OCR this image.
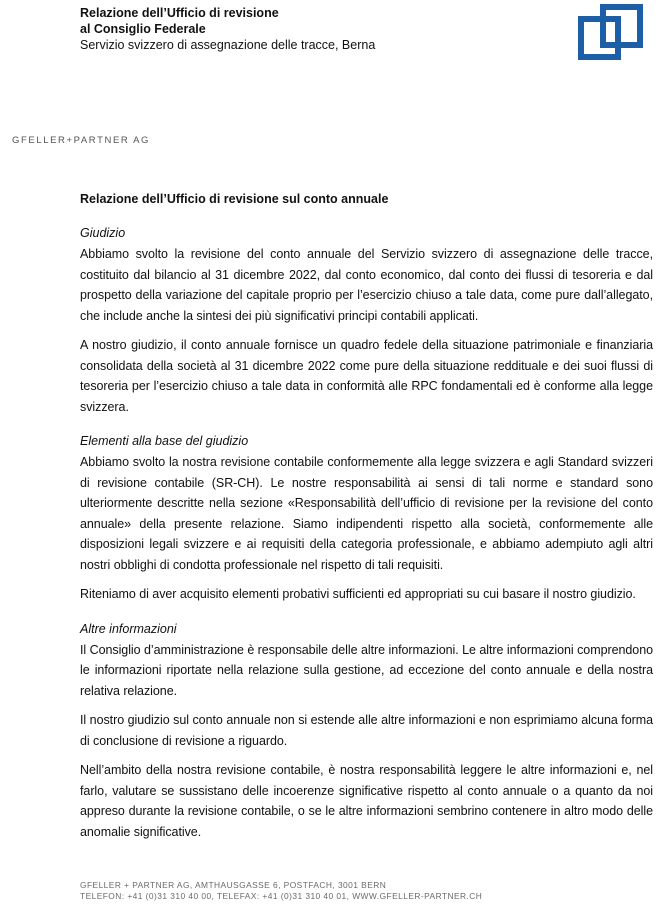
Relazione dell’Ufficio di revisione
al Consiglio Federale
Servizio svizzero di assegnazione delle tracce, Berna
GFELLER+PARTNER AG
Relazione dell’Ufficio di revisione sul conto annuale
Giudizio

Abbiamo svolto la revisione del conto annuale del Servizio svizzero di assegnazione delle tracce, costituito dal bilancio al 31 dicembre 2022, dal conto economico, dal conto dei flussi di tesoreria e dal prospetto della variazione del capitale proprio per l’esercizio chiuso a tale data, come pure dall’allegato, che include anche la sintesi dei più significativi principi contabili applicati.

A nostro giudizio, il conto annuale fornisce un quadro fedele della situazione patrimoniale e finanziaria consolidata della società al 31 dicembre 2022 come pure della situazione reddituale e dei suoi flussi di tesoreria per l’esercizio chiuso a tale data in conformità alle RPC fondamentali ed è conforme alla legge svizzera.

Elementi alla base del giudizio

Abbiamo svolto la nostra revisione contabile conformemente alla legge svizzera e agli Standard svizzeri di revisione contabile (SR-CH). Le nostre responsabilità ai sensi di tali norme e standard sono ulteriormente descritte nella sezione «Responsabilità dell’ufficio di revisione per la revisione del conto annuale» della presente relazione. Siamo indipendenti rispetto alla società, conformemente alle disposizioni legali svizzere e ai requisiti della categoria professionale, e abbiamo adempiuto agli altri nostri obblighi di condotta professionale nel rispetto di tali requisiti.

Riteniamo di aver acquisito elementi probativi sufficienti ed appropriati su cui basare il nostro giudizio.

Altre informazioni

Il Consiglio d’amministrazione è responsabile delle altre informazioni. Le altre informazioni comprendono le informazioni riportate nella relazione sulla gestione, ad eccezione del conto annuale e della nostra relativa relazione.

Il nostro giudizio sul conto annuale non si estende alle altre informazioni e non esprimiamo alcuna forma di conclusione di revisione a riguardo.

Nell’ambito della nostra revisione contabile, è nostra responsabilità leggere le altre informazioni e, nel farlo, valutare se sussistano delle incoerenze significative rispetto al conto annuale o a quanto da noi appreso durante la revisione contabile, o se le altre informazioni sembrino contenere in altro modo delle anomalie significative.

GFELLER + PARTNER AG, AMTHAUSGASSE 6, POSTFACH, 3001 BERN
TELEFON: +41 (0)31 310 40 00, TELEFAX: +41 (0)31 310 40 01, WWW.GFELLER-PARTNER.CH
